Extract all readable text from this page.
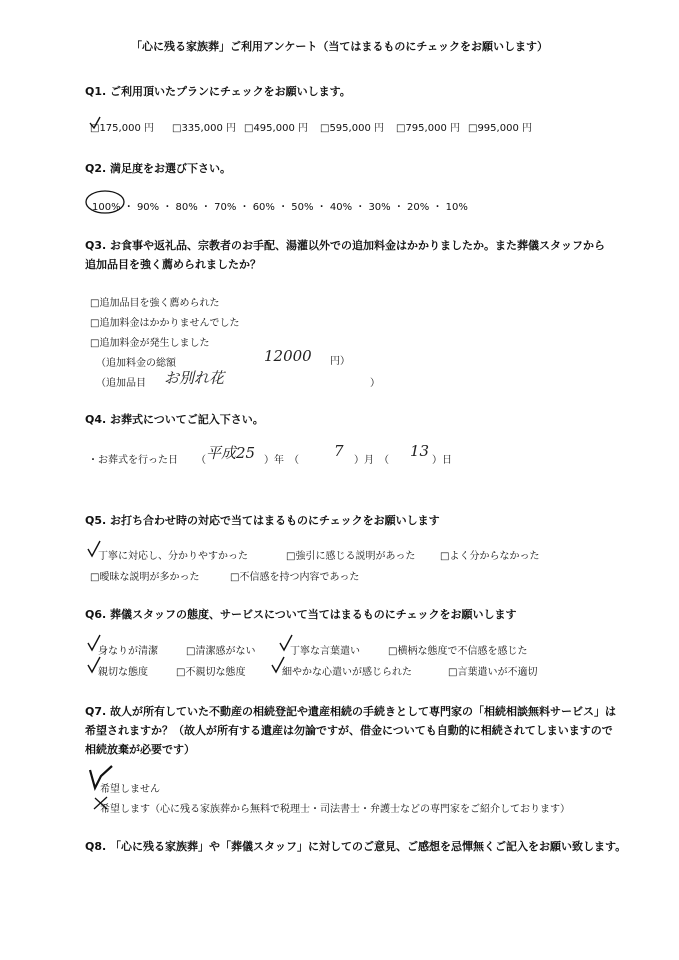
「心に残る家族葬」ご利用アンケート（当てはまるものにチェックをお願いします）
Q1. ご利用頂いたプランにチェックをお願いします。
□175,000 円 □335,000 円 □495,000 円 □595,000 円 □795,000 円 □995,000 円
Q2. 満足度をお選び下さい。
100% ・ 90% ・ 80% ・ 70% ・ 60% ・ 50% ・ 40% ・ 30% ・ 20% ・ 10%
Q3. お食事や返礼品、宗教者のお手配、湯灌以外での追加料金はかかりましたか。また葬儀スタッフから
追加品目を強く薦められましたか？
□追加品目を強く薦められた
□追加料金はかかりませんでした
□追加料金が発生しました
（追加料金の総額	12000 円）
（追加品目 お別れ花	）
Q4. お葬式についてご記入下さい。
・お葬式を行った日 （ 平成25 ）年　（
7
）月　（
13
）日
Q5. お打ち合わせ時の対応で当てはまるものにチェックをお願いします
丁寧に対応し、分かりやすかった	□強引に感じる説明があった □よく分からなかった
□曖昧な説明が多かった	□不信感を持つ内容であった
Q6. 葬儀スタッフの態度、サービスについて当てはまるものにチェックをお願いします
身なりが清潔	□清潔感がない	丁寧な言葉遣い	□横柄な態度で不信感を感じた
親切な態度	□不親切な態度	細やかな心遣いが感じられた	□言葉遣いが不適切
Q7. 故人が所有していた不動産の相続登記や遺産相続の手続きとして専門家の「相続相談無料サービス」は
希望されますか？（故人が所有する遺産は勿論ですが、借金についても自動的に相続されてしまいますので
相続放棄が必要です）
希望しません
希望します（心に残る家族葬から無料で税理士・司法書士・弁護士などの専門家をご紹介しております）
Q8. 「心に残る家族葬」や「葬儀スタッフ」に対してのご意見、ご感想を忌憚無くご記入をお願い致します。
